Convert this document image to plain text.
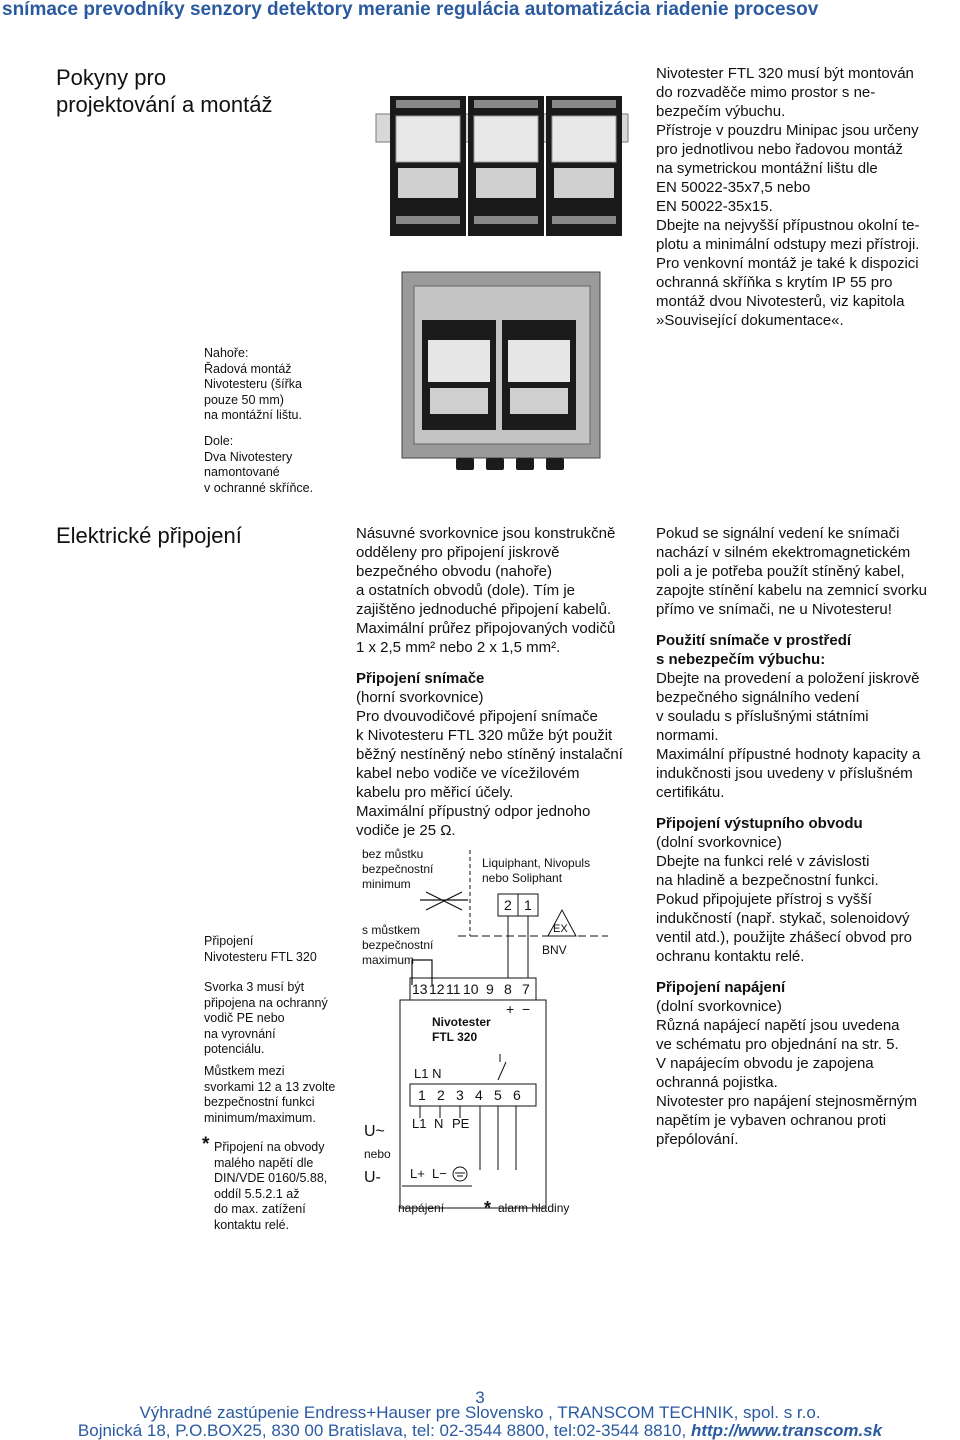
snímace prevodníky senzory detektory meranie regulácia automatizácia riadenie procesov
Pokyny pro
projektování a montáž
Nivotester FTL 320 musí být montován
do rozvaděče mimo prostor s ne-
bezpečím výbuchu.
Přístroje v pouzdru Minipac jsou určeny
pro jednotlivou nebo řadovou montáž
na symetrickou montážní lištu dle
EN 50022-35x7,5 nebo
EN 50022-35x15.
Dbejte na nejvyšší přípustnou okolní te-
plotu a minimální odstupy mezi přístroji.
Pro venkovní montáž je také k dispozici
ochranná skříňka s krytím IP 55 pro
montáž dvou Nivotesterů, viz kapitola
»Související dokumentace«.
Nahoře:
Řadová montáž
Nivotesteru (šířka
pouze 50 mm)
na montážní lištu.
Dole:
Dva Nivotestery
namontované
v ochranné skříňce.
Elektrické připojení	Násuvné svorkovnice jsou konstrukčně
odděleny pro připojení jiskrově
bezpečného obvodu (nahoře)
a ostatních obvodů (dole). Tím je
zajištěno jednoduché připojení kabelů.
Maximální průřez připojovaných vodičů
1 x 2,5 mm² nebo 2 x 1,5 mm².
Připojení snímače
(horní svorkovnice)
Pro dvouvodičové připojení snímače
k Nivotesteru FTL 320 může být použit
běžný nestíněný nebo stíněný instalační
kabel nebo vodiče ve vícežilovém
kabelu pro měřicí účely.
Maximální přípustný odpor jednoho
vodiče je 25 Ω.
Pokud se signální vedení ke snímači
nachází v silném ekektromagnetickém
poli a je potřeba použít stíněný kabel,
zapojte stínění kabelu na zemnicí svorku
přímo ve snímači, ne u Nivotesteru!
Použití snímače v prostředí
s nebezpečím výbuchu:
Dbejte na provedení a položení jiskrově
bezpečného signálního vedení
v souladu s příslušnými státními
normami.
Maximální přípustné hodnoty kapacity a
indukčnosti jsou uvedeny v příslušném
certifikátu.
Připojení výstupního obvodu
(dolní svorkovnice)
Dbejte na funkci relé v závislosti
na hladině a bezpečnostní funkci.
Pokud připojujete přístroj s vyšší
indukčností (např. stykač, solenoidový
ventil atd.), použijte zhášecí obvod pro
ochranu kontaktu relé.
Připojení napájení
(dolní svorkovnice)
Různá napájecí napětí jsou uvedena
ve schématu pro objednání na str. 5.
V napájecím obvodu je zapojena
ochranná pojistka.
Nivotester pro napájení stejnosměrným
napětím je vybaven ochranou proti
přepólování.
Připojení
Nivotesteru FTL 320
Svorka 3 musí být
připojena na ochranný
vodič PE nebo
na vyrovnání
potenciálu.
Můstkem mezi
svorkami 12 a 13 zvolte
bezpečnostní funkci
minimum/maximum.
* Připojení na obvody
malého napětí dle
DIN/VDE 0160/5.88,
oddíl 5.5.2.1 až
do max. zatížení
kontaktu relé.
bez můstku
bezpečnostní
minimum
s můstkem
bezpečnostní
maximum
Liquiphant, Nivopuls
nebo Soliphant
BNV
2 1
EX
13 12 11 10 9 8 7
+ −
Nivotester
FTL 320
L1 N
1 2 3 4 5 6
L1 N PE
L+ L−
U~
U-
nebo
napájení * alarm hladiny
3
Výhradné zastúpenie Endress+Hauser pre Slovensko , TRANSCOM TECHNIK, spol. s r.o.
Bojnická 18, P.O.BOX25, 830 00 Bratislava, tel: 02-3544 8800, tel:02-3544 8810, http://www.transcom.sk
